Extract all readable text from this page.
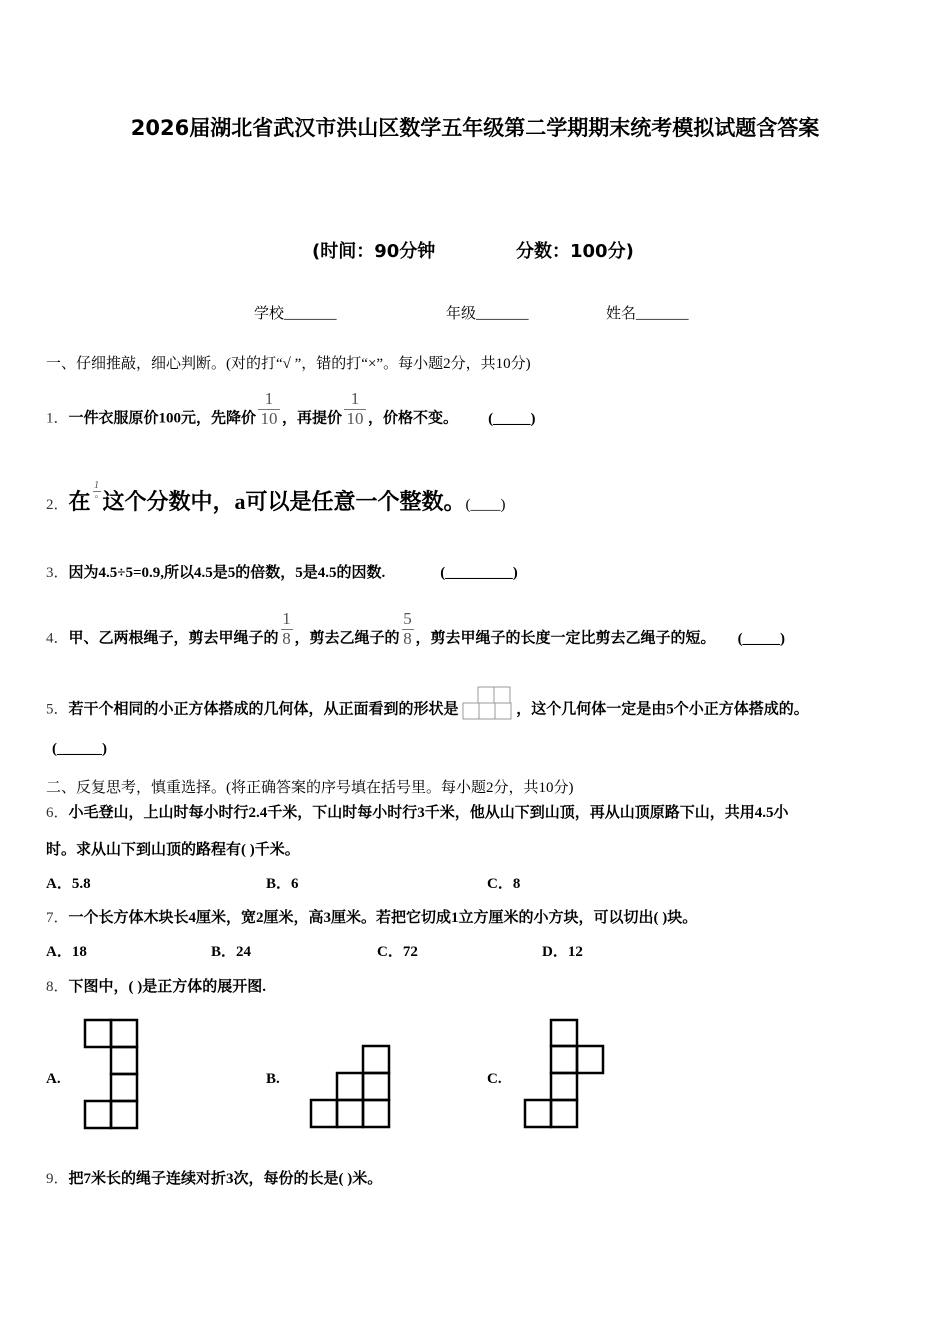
2026届湖北省武汉市洪山区数学五年级第二学期期末统考模拟试题含答案
(时间：90分钟	分数：100分)
学校_______	年级_______	姓名_______
一、仔细推敲，细心判断。(对的打“√ ”，错的打“×”。每小题2分，共10分)
1．一件衣服原价100元，先降价 $\frac{1}{10}$ ，再提价 $\frac{1}{10}$ ，价格不变。 (_____)
2．在 $\frac{1}{▫}$ 这个分数中，a可以是任意一个整数。(____)
3．因为4.5÷5=0.9,所以4.5是5的倍数，5是4.5的因数.	(_________)
4．甲、乙两根绳子，剪去甲绳子的 $\frac{1}{8}$ ，剪去乙绳子的 $\frac{5}{8}$ ，剪去甲绳子的长度一定比剪去乙绳子的短。 (_____)
5．若干个相同的小正方体搭成的几何体，从正面看到的形状是	，这个几何体一定是由5个小正方体搭成的。
(______)
二、反复思考，慎重选择。(将正确答案的序号填在括号里。每小题2分，共10分)
6．小毛登山，上山时每小时行2.4千米，下山时每小时行3千米，他从山下到山顶，再从山顶原路下山，共用4.5小
时。求从山下到山顶的路程有( )千米。
A．5.8	B．6	C．8
7．一个长方体木块长4厘米，宽2厘米，高3厘米。若把它切成1立方厘米的小方块，可以切出( )块。
A．18	B．24	C．72	D．12
8．下图中，( )是正方体的展开图.
A.	B.	C.
9．把7米长的绳子连续对折3次，每份的长是( )米。
